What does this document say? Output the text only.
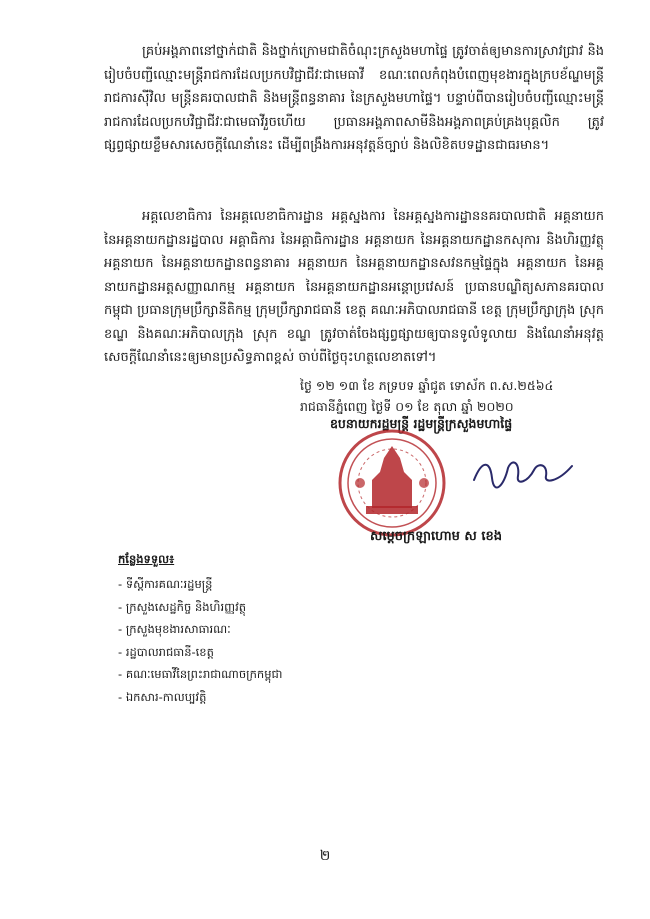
គ្រប់អង្គភាពនៅថ្នាក់ជាតិ និងថ្នាក់ក្រោមជាតិចំណុះក្រសួងមហាផ្ទៃ ត្រូវចាត់ឲ្យមានការស្រាវជ្រាវ និងរៀបចំបញ្ជីឈ្មោះមន្ត្រីរាជការដែលប្រកបវិជ្ជាជីវៈជាមេធាវី ខណៈពេលកំពុងបំពេញមុខងារក្នុងក្របខ័ណ្ឌមន្ត្រីរាជការស៊ីវិល មន្ត្រីនគរបាលជាតិ និងមន្ត្រីពន្ធនាគារ នៃក្រសួងមហាផ្ទៃ។ បន្ទាប់ពីបានរៀបចំបញ្ជីឈ្មោះមន្ត្រីរាជការដែលប្រកបវិជ្ជាជីវៈជាមេធាវីរួចហើយ ប្រធានអង្គភាពសាមីនិងអង្គភាពគ្រប់គ្រងបុគ្គលិក ត្រូវផ្សព្វផ្សាយខ្លឹមសារសេចក្តីណែនាំនេះ ដើម្បីពង្រឹងការអនុវត្តន៍ច្បាប់ និងលិខិតបទដ្ឋានជាធរមាន។

អគ្គលេខាធិការ នៃអគ្គលេខាធិការដ្ឋាន អគ្គស្នងការ នៃអគ្គស្នងការដ្ឋាននគរបាលជាតិ អគ្គនាយក នៃអគ្គនាយកដ្ឋានរដ្ឋបាល អគ្គាធិការ នៃអគ្គាធិការដ្ឋាន អគ្គនាយក នៃអគ្គនាយកដ្ឋានកសុការ និងហិរញ្ញវត្ថុ អគ្គនាយក នៃអគ្គនាយកដ្ឋានពន្ធនាគារ អគ្គនាយក នៃអគ្គនាយកដ្ឋានសវនកម្មផ្ទៃក្នុង អគ្គនាយក នៃអគ្គនាយកដ្ឋានអត្តសញ្ញាណកម្ម អគ្គនាយក នៃអគ្គនាយកដ្ឋានអន្តោប្រវេសន៍ ប្រធានបណ្ឌិត្យសភានគរបាលកម្ពុជា ប្រធានក្រុមប្រឹក្សានីតិកម្ម ក្រុមប្រឹក្សារាជធានី ខេត្ត គណៈអភិបាលរាជធានី ខេត្ត ក្រុមប្រឹក្សាក្រុង ស្រុក ខណ្ឌ និងគណៈអភិបាលក្រុង ស្រុក ខណ្ឌ ត្រូវចាត់ចែងផ្សព្វផ្សាយឲ្យបានទូលំទូលាយ និងណែនាំអនុវត្តសេចក្តីណែនាំនេះឲ្យមានប្រសិទ្ធភាពខ្ពស់ ចាប់ពីថ្ងៃចុះហត្ថលេខាតទៅ។

ថ្ងៃ ១២ ១៣ ខែ ភទ្របទ ឆ្នាំជូត ទោស័ក ព.ស.២៥៦៤
រាជធានីភ្នំពេញ ថ្ងៃទី ០១ ខែ តុលា ឆ្នាំ ២០២០
ឧបនាយករដ្ឋមន្ត្រី រដ្ឋមន្ត្រីក្រសួងមហាផ្ទៃ
សម្តេចក្រឡាហោម ស ខេង
កន្លែងទទួល៖
- ទីស្តីការគណៈរដ្ឋមន្ត្រី
- ក្រសួងសេដ្ឋកិច្ច និងហិរញ្ញវត្ថុ
- ក្រសួងមុខងារសាធារណៈ
- រដ្ឋបាលរាជធានី-ខេត្ត
- គណៈមេធាវីនៃព្រះរាជាណាចក្រកម្ពុជា
- ឯកសារ-កាលប្បវត្តិ
២
